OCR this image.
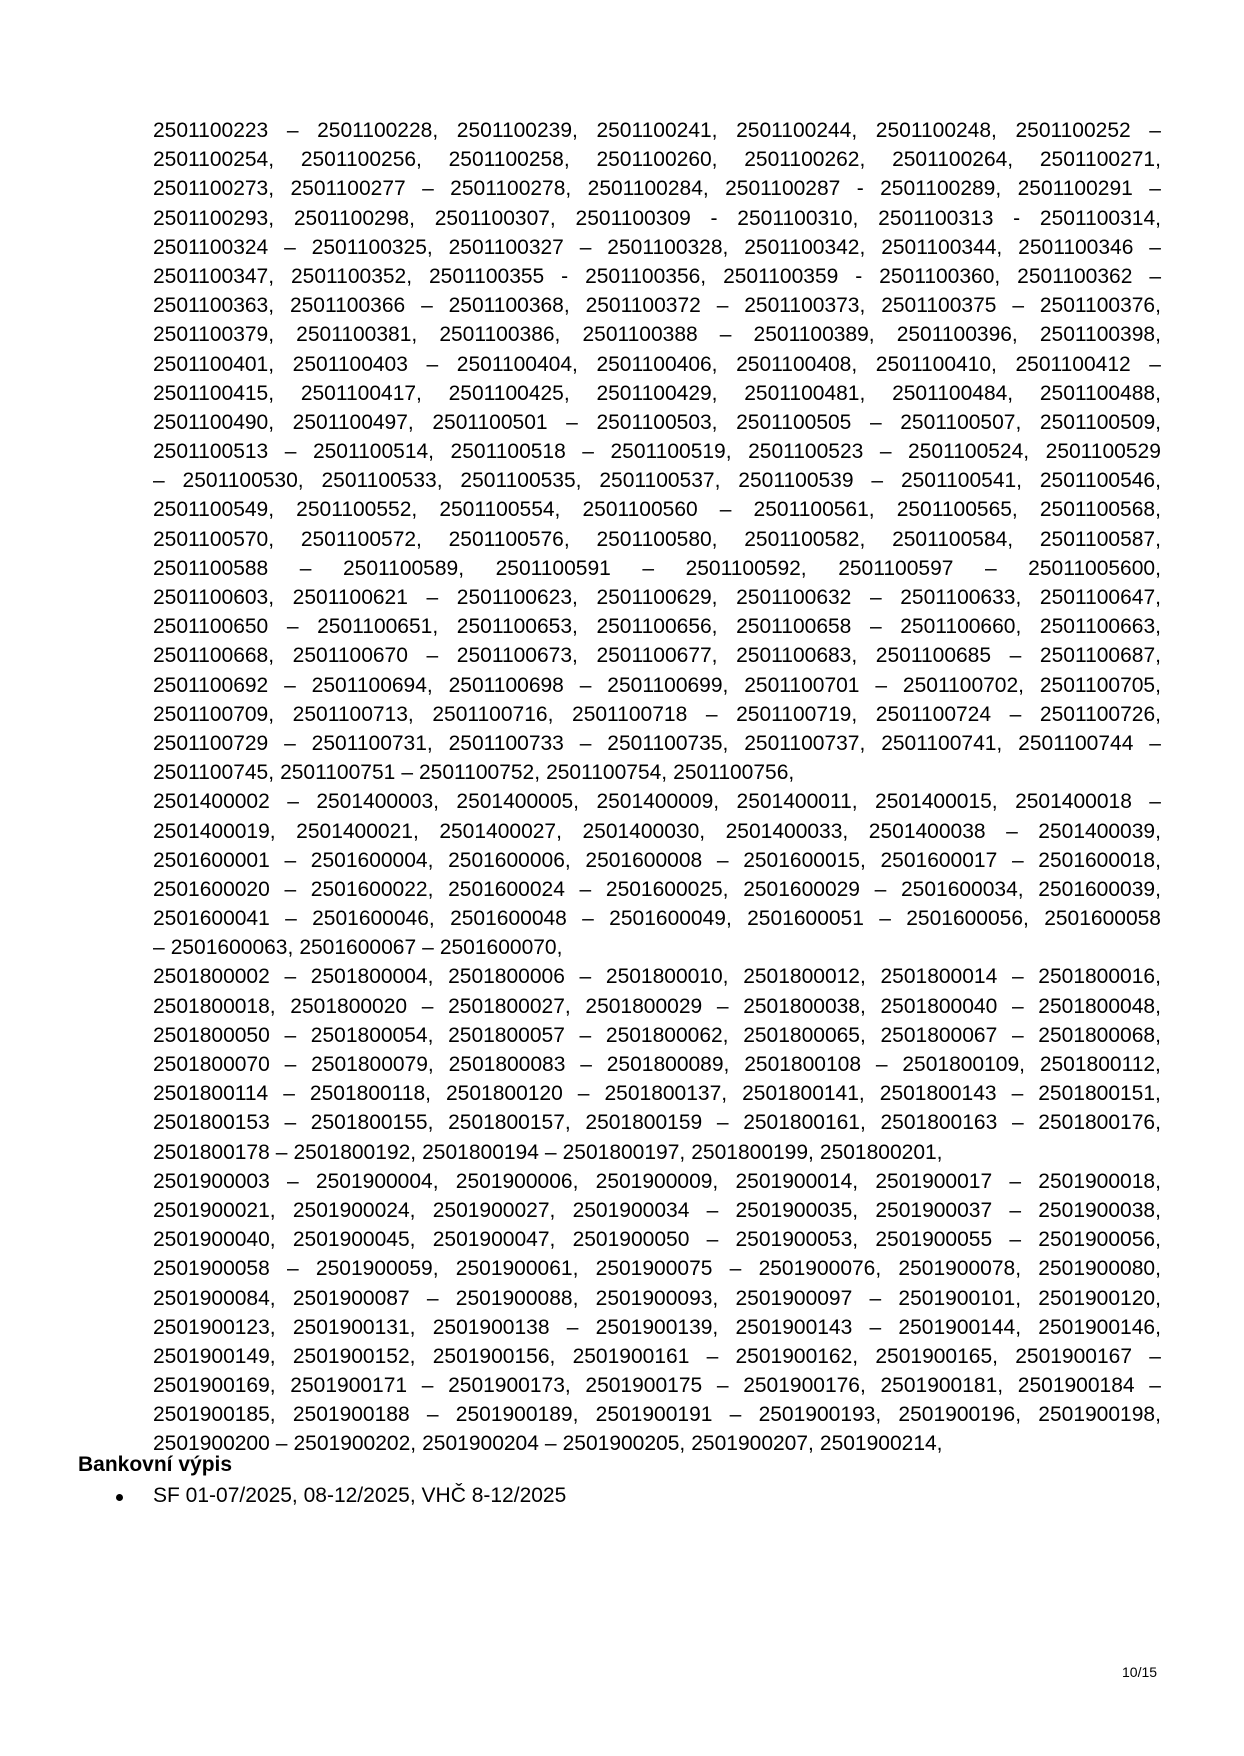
2501100223 – 2501100228, 2501100239, 2501100241, 2501100244, 2501100248, 2501100252 –
2501100254, 2501100256, 2501100258, 2501100260, 2501100262, 2501100264, 2501100271,
2501100273, 2501100277 – 2501100278, 2501100284, 2501100287 - 2501100289, 2501100291 –
2501100293, 2501100298, 2501100307, 2501100309 - 2501100310, 2501100313 - 2501100314,
2501100324 – 2501100325, 2501100327 – 2501100328, 2501100342, 2501100344, 2501100346 –
2501100347, 2501100352, 2501100355 - 2501100356, 2501100359 - 2501100360, 2501100362 –
2501100363, 2501100366 – 2501100368, 2501100372 – 2501100373, 2501100375 – 2501100376,
2501100379, 2501100381, 2501100386, 2501100388 – 2501100389, 2501100396, 2501100398,
2501100401, 2501100403 – 2501100404, 2501100406, 2501100408, 2501100410, 2501100412 –
2501100415, 2501100417, 2501100425, 2501100429, 2501100481, 2501100484, 2501100488,
2501100490, 2501100497, 2501100501 – 2501100503, 2501100505 – 2501100507, 2501100509,
2501100513 – 2501100514, 2501100518 – 2501100519, 2501100523 – 2501100524, 2501100529
– 2501100530, 2501100533, 2501100535, 2501100537, 2501100539 – 2501100541, 2501100546,
2501100549, 2501100552, 2501100554, 2501100560 – 2501100561, 2501100565, 2501100568,
2501100570, 2501100572, 2501100576, 2501100580, 2501100582, 2501100584, 2501100587,
2501100588 – 2501100589, 2501100591 – 2501100592, 2501100597 – 25011005600,
2501100603, 2501100621 – 2501100623, 2501100629, 2501100632 – 2501100633, 2501100647,
2501100650 – 2501100651, 2501100653, 2501100656, 2501100658 – 2501100660, 2501100663,
2501100668, 2501100670 – 2501100673, 2501100677, 2501100683, 2501100685 – 2501100687,
2501100692 – 2501100694, 2501100698 – 2501100699, 2501100701 – 2501100702, 2501100705,
2501100709, 2501100713, 2501100716, 2501100718 – 2501100719, 2501100724 – 2501100726,
2501100729 – 2501100731, 2501100733 – 2501100735, 2501100737, 2501100741, 2501100744 –
2501100745, 2501100751 – 2501100752, 2501100754, 2501100756,
2501400002 – 2501400003, 2501400005, 2501400009, 2501400011, 2501400015, 2501400018 –
2501400019, 2501400021, 2501400027, 2501400030, 2501400033, 2501400038 – 2501400039,
2501600001 – 2501600004, 2501600006, 2501600008 – 2501600015, 2501600017 – 2501600018,
2501600020 – 2501600022, 2501600024 – 2501600025, 2501600029 – 2501600034, 2501600039,
2501600041 – 2501600046, 2501600048 – 2501600049, 2501600051 – 2501600056, 2501600058
– 2501600063, 2501600067 – 2501600070,
2501800002 – 2501800004, 2501800006 – 2501800010, 2501800012, 2501800014 – 2501800016,
2501800018, 2501800020 – 2501800027, 2501800029 – 2501800038, 2501800040 – 2501800048,
2501800050 – 2501800054, 2501800057 – 2501800062, 2501800065, 2501800067 – 2501800068,
2501800070 – 2501800079, 2501800083 – 2501800089, 2501800108 – 2501800109, 2501800112,
2501800114 – 2501800118, 2501800120 – 2501800137, 2501800141, 2501800143 – 2501800151,
2501800153 – 2501800155, 2501800157, 2501800159 – 2501800161, 2501800163 – 2501800176,
2501800178 – 2501800192, 2501800194 – 2501800197, 2501800199, 2501800201,
2501900003 – 2501900004, 2501900006, 2501900009, 2501900014, 2501900017 – 2501900018,
2501900021, 2501900024, 2501900027, 2501900034 – 2501900035, 2501900037 – 2501900038,
2501900040, 2501900045, 2501900047, 2501900050 – 2501900053, 2501900055 – 2501900056,
2501900058 – 2501900059, 2501900061, 2501900075 – 2501900076, 2501900078, 2501900080,
2501900084, 2501900087 – 2501900088, 2501900093, 2501900097 – 2501900101, 2501900120,
2501900123, 2501900131, 2501900138 – 2501900139, 2501900143 – 2501900144, 2501900146,
2501900149, 2501900152, 2501900156, 2501900161 – 2501900162, 2501900165, 2501900167 –
2501900169, 2501900171 – 2501900173, 2501900175 – 2501900176, 2501900181, 2501900184 –
2501900185, 2501900188 – 2501900189, 2501900191 – 2501900193, 2501900196, 2501900198,
2501900200 – 2501900202, 2501900204 – 2501900205, 2501900207, 2501900214,
Bankovní výpis
SF 01-07/2025, 08-12/2025, VHČ 8-12/2025
10/15
